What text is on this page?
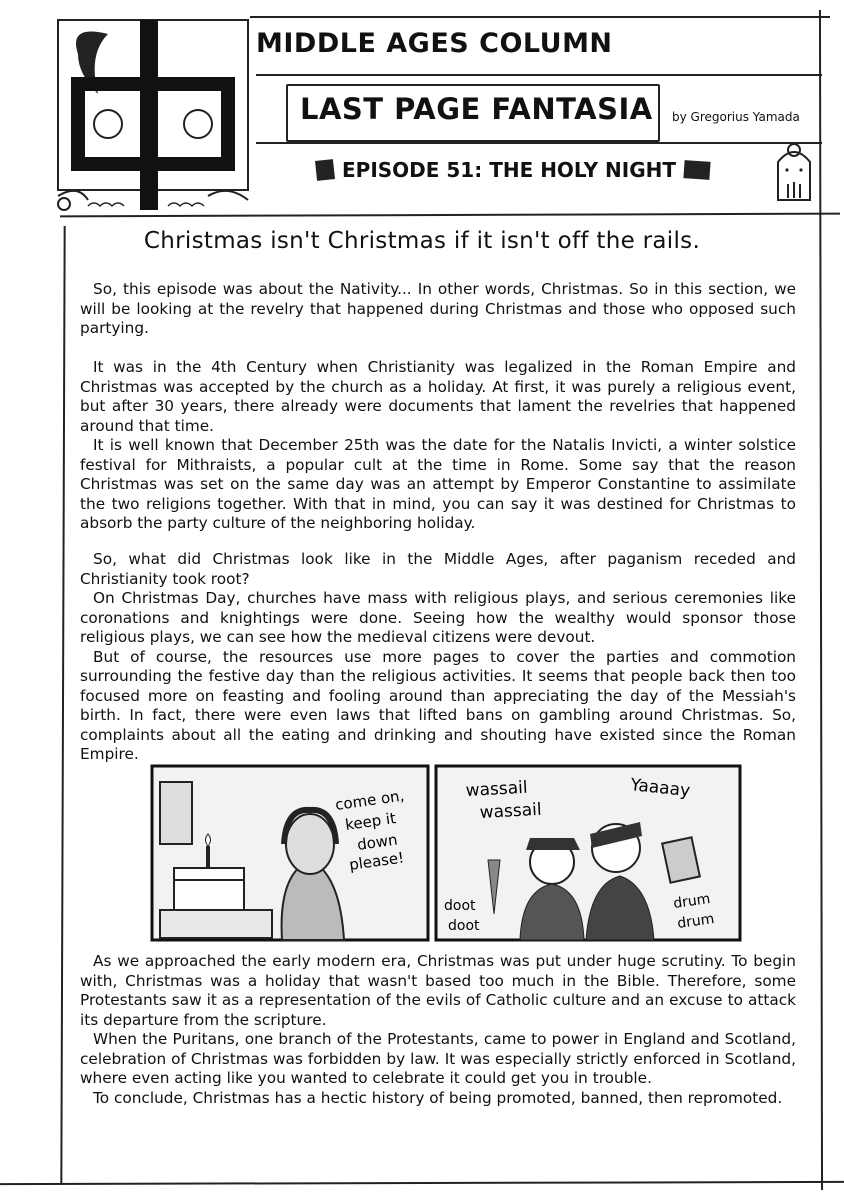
MIDDLE AGES COLUMN
LAST PAGE FANTASIA by Gregorius Yamada
EPISODE 51: THE HOLY NIGHT
Christmas isn't Christmas if it isn't off the rails.

So, this episode was about the Nativity... In other words, Christmas. So in this section, we will be looking at the revelry that happened during Christmas and those who opposed such partying.

It was in the 4th Century when Christianity was legalized in the Roman Empire and Christmas was accepted by the church as a holiday. At first, it was purely a religious event, but after 30 years, there already were documents that lament the revelries that happened around that time.

It is well known that December 25th was the date for the Natalis Invicti, a winter solstice festival for Mithraists, a popular cult at the time in Rome. Some say that the reason Christmas was set on the same day was an attempt by Emperor Constantine to assimilate the two religions together. With that in mind, you can say it was destined for Christmas to absorb the party culture of the neighboring holiday.

So, what did Christmas look like in the Middle Ages, after paganism receded and Christianity took root?

On Christmas Day, churches have mass with religious plays, and serious ceremonies like coronations and knightings were done. Seeing how the wealthy would sponsor those religious plays, we can see how the medieval citizens were devout.

But of course, the resources use more pages to cover the parties and commotion surrounding the festive day than the religious activities. It seems that people back then too focused more on feasting and fooling around than appreciating the day of the Messiah's birth. In fact, there were even laws that lifted bans on gambling around Christmas. So, complaints about all the eating and drinking and shouting have existed since the Roman Empire.

come on,
keep it
down
please!
wassail
wassail
Yaaaay
doot
doot
drum
drum

As we approached the early modern era, Christmas was put under huge scrutiny. To begin with, Christmas was a holiday that wasn't based too much in the Bible. Therefore, some Protestants saw it as a representation of the evils of Catholic culture and an excuse to attack its departure from the scripture.

When the Puritans, one branch of the Protestants, came to power in England and Scotland, celebration of Christmas was forbidden by law. It was especially strictly enforced in Scotland, where even acting like you wanted to celebrate it could get you in trouble.

To conclude, Christmas has a hectic history of being promoted, banned, then repromoted.
